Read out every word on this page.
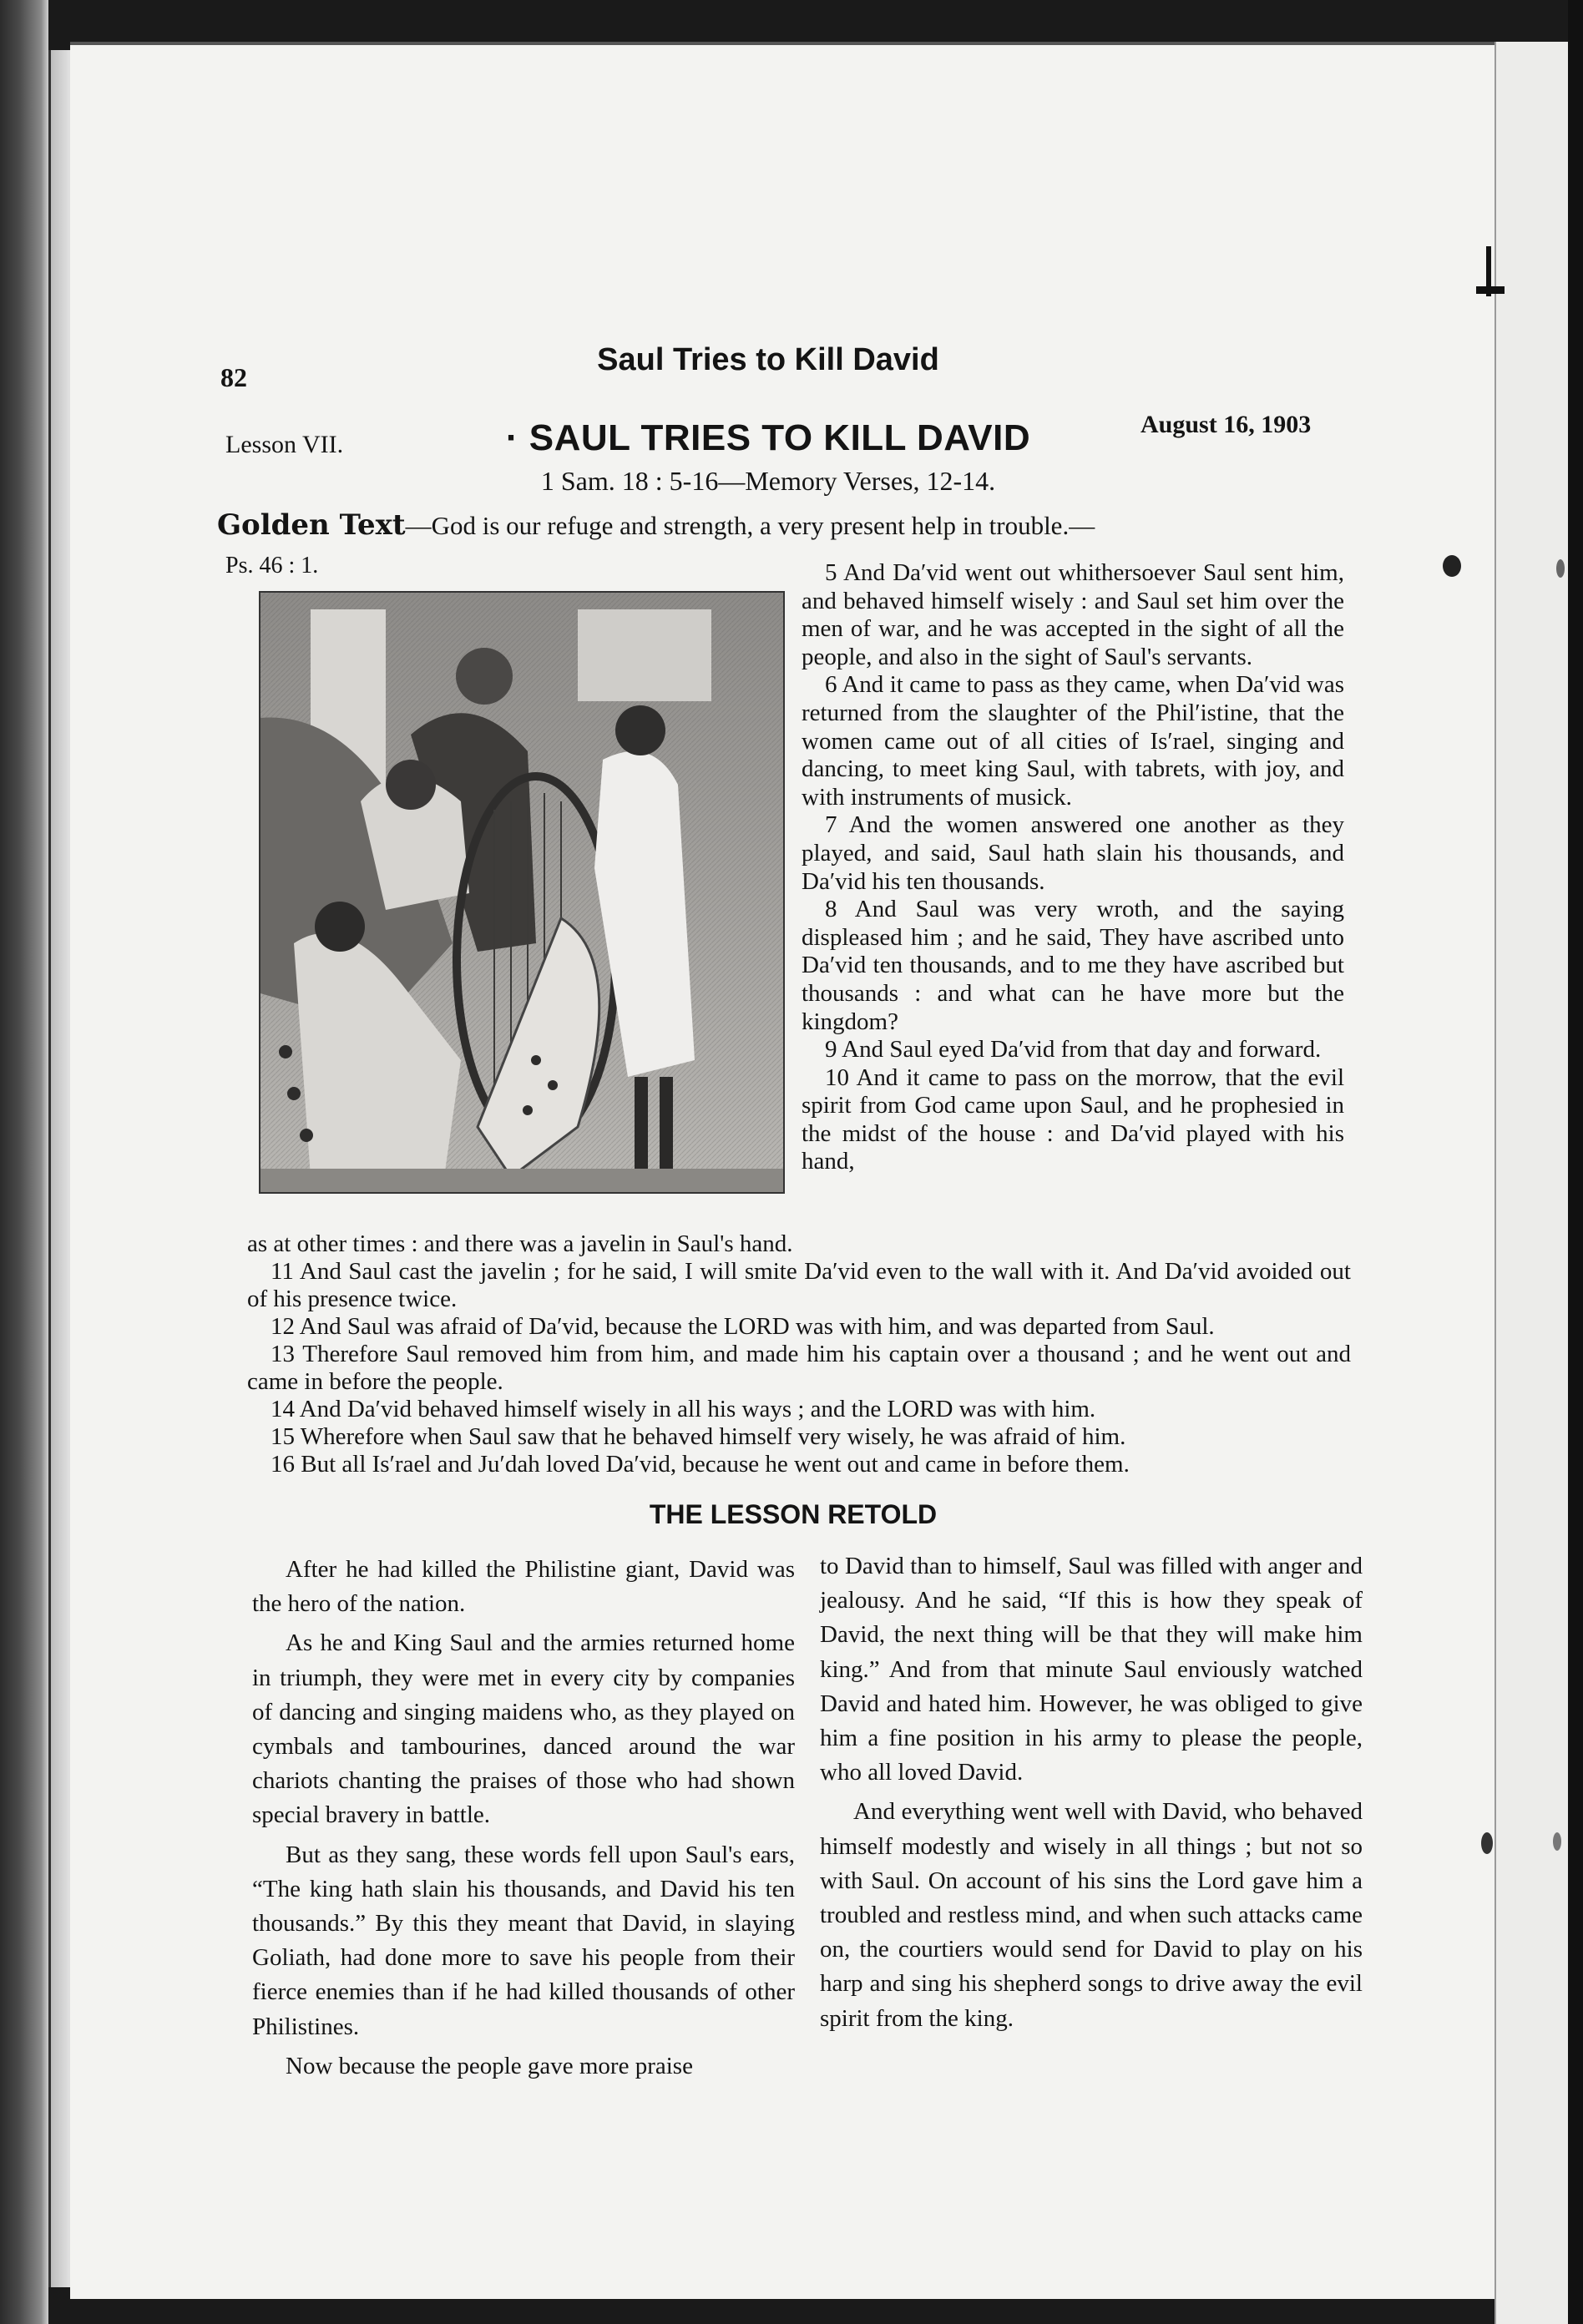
82	Saul Tries to Kill David
Lesson VII.	· SAUL TRIES TO KILL DAVID	August 16, 1903
1 Sam. 18 : 5-16—Memory Verses, 12-14.
Golden Text—God is our refuge and strength, a very present help in trouble.—
Ps. 46 : 1.	5 And Da′vid went out whithersoever Saul sent him, and behaved himself wisely : and Saul set him over the men of war, and he was accepted in the sight of all the people, and also in the sight of Saul's servants.

6 And it came to pass as they came, when Da′vid was returned from the slaughter of the Phil′istine, that the women came out of all cities of Is′rael, singing and dancing, to meet king Saul, with tabrets, with joy, and with instruments of musick.

7 And the women answered one another as they played, and said, Saul hath slain his thousands, and Da′vid his ten thousands.

8 And Saul was very wroth, and the saying displeased him ; and he said, They have ascribed unto Da′vid ten thousands, and to me they have ascribed but thousands : and what can he have more but the kingdom?

9 And Saul eyed Da′vid from that day and forward.

10 And it came to pass on the morrow, that the evil spirit from God came upon Saul, and he prophesied in the midst of the house : and Da′vid played with his hand,

as at other times : and there was a javelin in Saul's hand.

11 And Saul cast the javelin ; for he said, I will smite Da′vid even to the wall with it. And Da′vid avoided out of his presence twice.

12 And Saul was afraid of Da′vid, because the LORD was with him, and was departed from Saul.

13 Therefore Saul removed him from him, and made him his captain over a thousand ; and he went out and came in before the people.

14 And Da′vid behaved himself wisely in all his ways ; and the LORD was with him.

15 Wherefore when Saul saw that he behaved himself very wisely, he was afraid of him.

16 But all Is′rael and Ju′dah loved Da′vid, because he went out and came in before them.

THE LESSON RETOLD

After he had killed the Philistine giant, David was the hero of the nation.

As he and King Saul and the armies returned home in triumph, they were met in every city by companies of dancing and singing maidens who, as they played on cymbals and tambourines, danced around the war chariots chanting the praises of those who had shown special bravery in battle.

But as they sang, these words fell upon Saul's ears, “The king hath slain his thousands, and David his ten thousands.” By this they meant that David, in slaying Goliath, had done more to save his people from their fierce enemies than if he had killed thousands of other Philistines.

Now because the people gave more praise

to David than to himself, Saul was filled with anger and jealousy. And he said, “If this is how they speak of David, the next thing will be that they will make him king.” And from that minute Saul enviously watched David and hated him. However, he was obliged to give him a fine position in his army to please the people, who all loved David.

And everything went well with David, who behaved himself modestly and wisely in all things ; but not so with Saul. On account of his sins the Lord gave him a troubled and restless mind, and when such attacks came on, the courtiers would send for David to play on his harp and sing his shepherd songs to drive away the evil spirit from the king.
